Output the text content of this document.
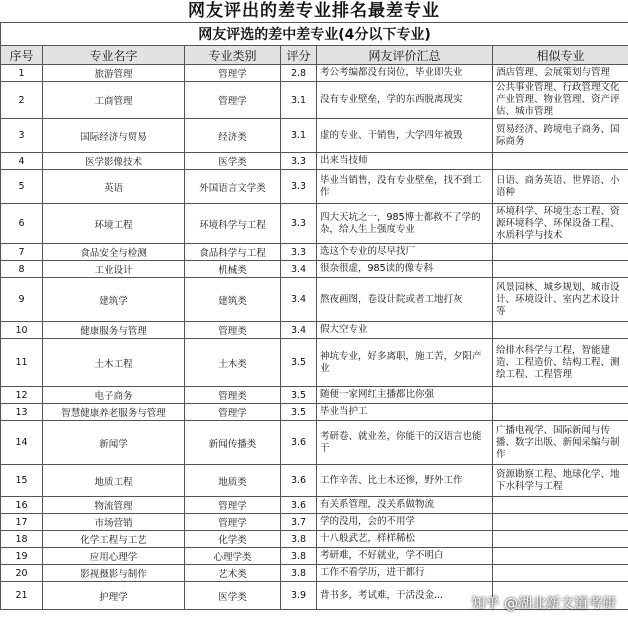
网友评出的差专业排名最差专业
网友评选的差中差专业(4分以下专业)					
序号	专业名字	专业类别	评分	网友评价汇总	相似专业
1	旅游管理	管理学	2.8	考公考编都没有岗位，毕业即失业	酒店管理、会展策划与管理
2	工商管理	管理学	3.1	没有专业壁垒，学的东西脱离现实	公共事业管理、行政管理文化产业管理、物业管理、资产评估、城市管理
3	国际经济与贸易	经济类	3.1	虚的专业、干销售，大学四年被毁	贸易经济、跨境电子商务、国际商务
4	医学影像技术	医学类	3.3	出来当技师	
5	英语	外国语言文学类	3.3	毕业当销售，没有专业壁垒，找不到工作	日语、商务英语、世界语、小语种
6	环境工程	环境科学与工程	3.3	四大天坑之一，985博士都救不了学的杂，给人生上强度专业	环境科学、环境生态工程、资源环境科学、环保设备工程、水质科学与技术
7	食品安全与检测	食品科学与工程	3.3	选这个专业的尽早找厂	
8	工业设计	机械类	3.4	很杂很虚，985读的像专科	
9	建筑学	建筑类	3.4	熬夜画图，卷设计院或者工地打灰	风景园林、城乡规划、城市设计、环境设计、室内艺术设计等
10	健康服务与管理	管理类	3.4	假大空专业	
11	土木工程	土木类	3.5	神坑专业，好多离职，施工苦，夕阳产业	给排水科学与工程，智能建造、工程造价、结构工程、测绘工程、工程管理
12	电子商务	管理类	3.5	随便一家网红主播都比你强	
13	智慧健康养老服务与管理	管理学	3.5	毕业当护工	
14	新闻学	新闻传播类	3.6	考研卷、就业差，你能干的汉语言也能干	广播电视学、国际新闻与传播、数字出版、新闻采编与制作
15	地质工程	地质类	3.6	工作辛苦、比土木还惨，野外工作	资源勘察工程、地球化学、地下水科学与工程
16	物流管理	管理学	3.6	有关系管理，没关系做物流	
17	市场营销	管理学	3.7	学的没用，会的不用学	
18	化学工程与工艺	化学类	3.8	十八般武艺，样样稀松	
19	应用心理学	心理学类	3.8	考研难，不好就业，学不明白	
20	影视摄影与制作	艺术类	3.8	工作不看学历，进干都行	
21	护理学	医学类	3.9	背书多，考试难，干活没金...	
知乎 @湖北新文道考研
